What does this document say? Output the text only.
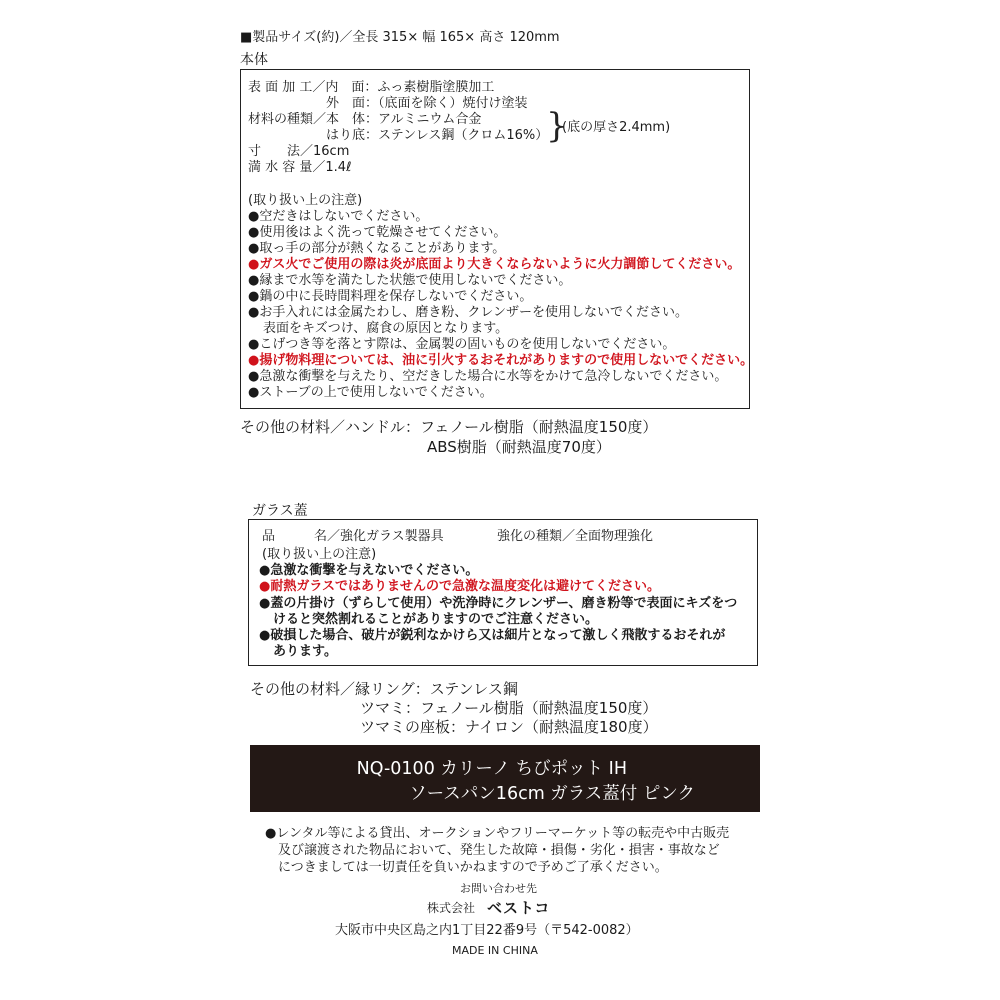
■製品サイズ(約)／全長 315× 幅 165× 高さ 120mm
本体
表 面 加 工／内　面：ふっ素樹脂塗膜加工
外　面：（底面を除く）焼付け塗装
材料の種類／本　体：アルミニウム合金
はり底：ステンレス鋼（クロム16%）
}
(底の厚さ2.4mm)
寸　　法／16cm
満 水 容 量／1.4ℓ
(取り扱い上の注意)
●空だきはしないでください。
●使用後はよく洗って乾燥させてください。
●取っ手の部分が熱くなることがあります。
●ガス火でご使用の際は炎が底面より大きくならないように火力調節してください。
●縁まで水等を満たした状態で使用しないでください。
●鍋の中に長時間料理を保存しないでください。
●お手入れには金属たわし、磨き粉、クレンザーを使用しないでください。
表面をキズつけ、腐食の原因となります。
●こげつき等を落とす際は、金属製の固いものを使用しないでください。
●揚げ物料理については、油に引火するおそれがありますので使用しないでください。
●急激な衝撃を与えたり、空だきした場合に水等をかけて急冷しないでください。
●ストーブの上で使用しないでください。
その他の材料／ハンドル：フェノール樹脂（耐熱温度150度）
ABS樹脂（耐熱温度70度）
ガラス蓋
品　　　名／強化ガラス製器具	強化の種類／全面物理強化
(取り扱い上の注意)
●急激な衝撃を与えないでください。
●耐熱ガラスではありませんので急激な温度変化は避けてください。
●蓋の片掛け（ずらして使用）や洗浄時にクレンザー、磨き粉等で表面にキズをつ
けると突然割れることがありますのでご注意ください。
●破損した場合、破片が鋭利なかけら又は細片となって激しく飛散するおそれが
あります。
その他の材料／縁リング：ステンレス鋼
ツマミ：フェノール樹脂（耐熱温度150度）
ツマミの座板：ナイロン（耐熱温度180度）
NQ-0100 カリーノ ちびポット IH
ソースパン16cm ガラス蓋付 ピンク
●レンタル等による貸出、オークションやフリーマーケット等の転売や中古販売
及び譲渡された物品において、発生した故障・損傷・劣化・損害・事故など
につきましては一切責任を負いかねますので予めご了承ください。
お問い合わせ先
株式会社 ベストコ
大阪市中央区島之内1丁目22番9号（〒542-0082）
MADE IN CHINA
